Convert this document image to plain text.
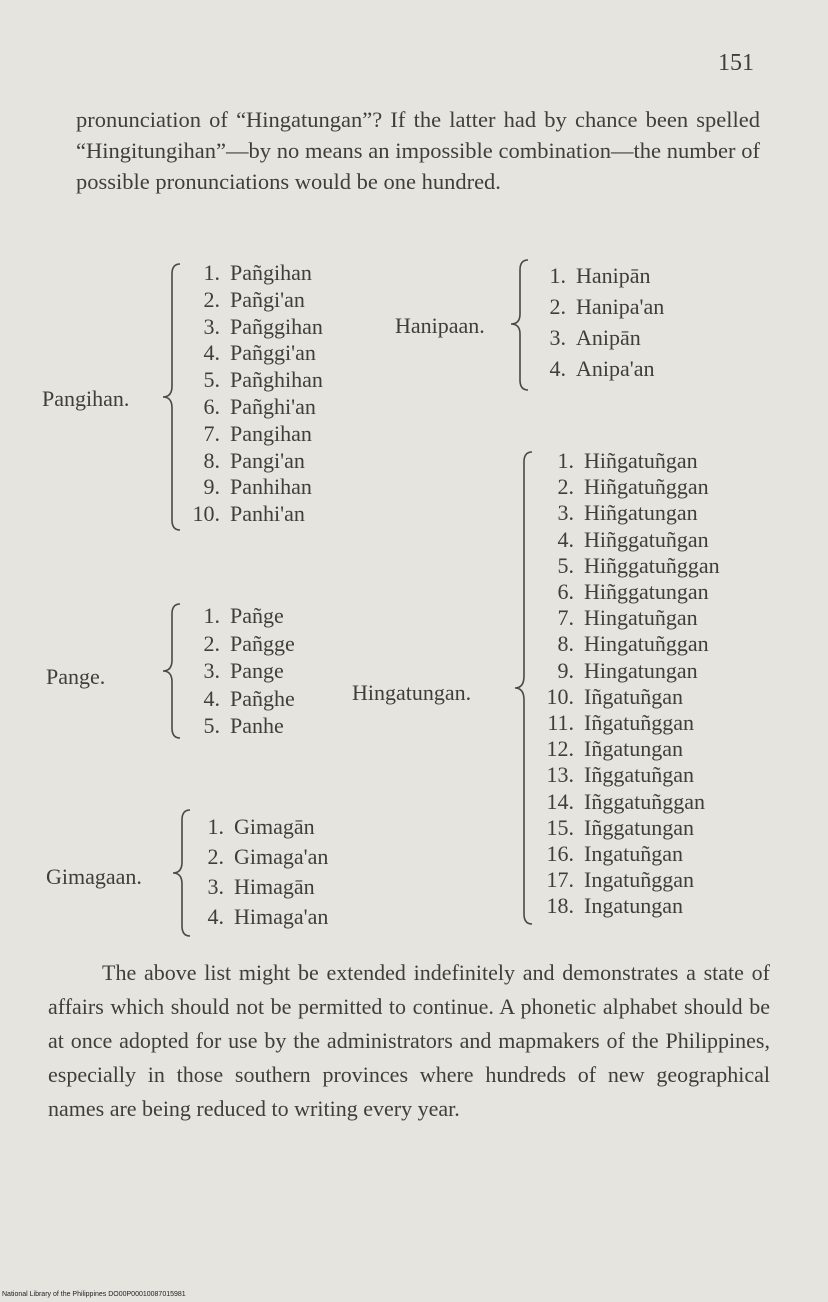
151

pronunciation of “Hingatungan”? If the latter had by chance been spelled “Hingitungihan”—by no means an impossible combination—the number of possible pronunciations would be one hundred.

Pangihan.
1. Pañgihan
2. Pañgi'an
3. Pañggihan
4. Pañggi'an
5. Pañghihan
6. Pañghi'an
7. Pangihan
8. Pangi'an
9. Panhihan
10. Panhi'an
Hanipaan.
1. Hanipān
2. Hanipa'an
3. Anipān
4. Anipa'an
Pange.
1. Pañge
2. Pañgge
3. Pange
4. Pañghe
5. Panhe
Gimagaan.
1. Gimagān
2. Gimaga'an
3. Himagān
4. Himaga'an
Hingatungan.
1. Hiñgatuñgan
2. Hiñgatuñggan
3. Hiñgatungan
4. Hiñggatuñgan
5. Hiñggatuñggan
6. Hiñggatungan
7. Hingatuñgan
8. Hingatuñggan
9. Hingatungan
10. Iñgatuñgan
11. Iñgatuñggan
12. Iñgatungan
13. Iñggatuñgan
14. Iñggatuñggan
15. Iñggatungan
16. Ingatuñgan
17. Ingatuñggan
18. Ingatungan

The above list might be extended indefinitely and demonstrates a state of affairs which should not be permitted to continue. A phonetic alphabet should be at once adopted for use by the administrators and mapmakers of the Philippines, especially in those southern provinces where hundreds of new geographical names are being reduced to writing every year.

National Library of the Philippines DO00P00010087015981
